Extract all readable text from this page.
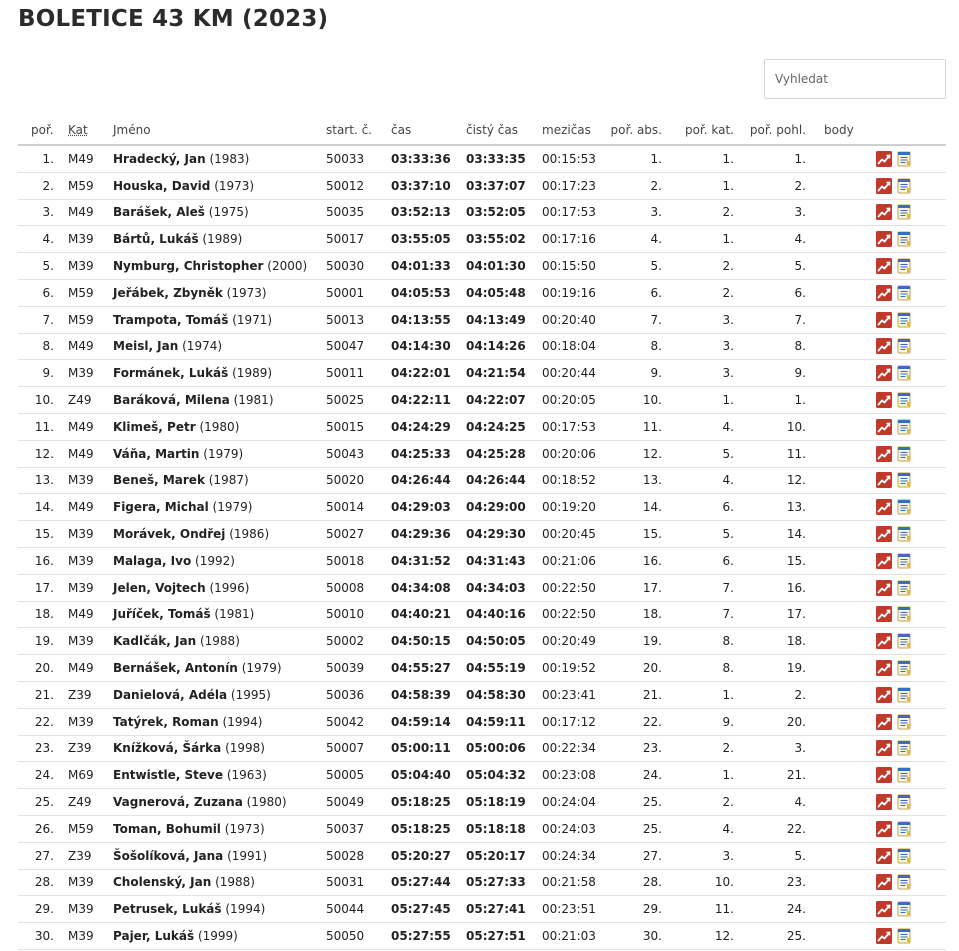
BOLETICE 43 KM (2023)
Vyhledat
poř.	Kat	Jméno	start. č.	čas	čistý čas	mezičas	poř. abs.	poř. kat.	poř. pohl.	body	
1.	M49	Hradecký, Jan (1983)	50033	03:33:36	03:33:35	00:15:53	1.	1.	1.		
2.	M59	Houska, David (1973)	50012	03:37:10	03:37:07	00:17:23	2.	1.	2.		
3.	M49	Barášek, Aleš (1975)	50035	03:52:13	03:52:05	00:17:53	3.	2.	3.		
4.	M39	Bártů, Lukáš (1989)	50017	03:55:05	03:55:02	00:17:16	4.	1.	4.		
5.	M39	Nymburg, Christopher (2000)	50030	04:01:33	04:01:30	00:15:50	5.	2.	5.		
6.	M59	Jeřábek, Zbyněk (1973)	50001	04:05:53	04:05:48	00:19:16	6.	2.	6.		
7.	M59	Trampota, Tomáš (1971)	50013	04:13:55	04:13:49	00:20:40	7.	3.	7.		
8.	M49	Meisl, Jan (1974)	50047	04:14:30	04:14:26	00:18:04	8.	3.	8.		
9.	M39	Formánek, Lukáš (1989)	50011	04:22:01	04:21:54	00:20:44	9.	3.	9.		
10.	Z49	Baráková, Milena (1981)	50025	04:22:11	04:22:07	00:20:05	10.	1.	1.		
11.	M49	Klimeš, Petr (1980)	50015	04:24:29	04:24:25	00:17:53	11.	4.	10.		
12.	M49	Váňa, Martin (1979)	50043	04:25:33	04:25:28	00:20:06	12.	5.	11.		
13.	M39	Beneš, Marek (1987)	50020	04:26:44	04:26:44	00:18:52	13.	4.	12.		
14.	M49	Figera, Michal (1979)	50014	04:29:03	04:29:00	00:19:20	14.	6.	13.		
15.	M39	Morávek, Ondřej (1986)	50027	04:29:36	04:29:30	00:20:45	15.	5.	14.		
16.	M39	Malaga, Ivo (1992)	50018	04:31:52	04:31:43	00:21:06	16.	6.	15.		
17.	M39	Jelen, Vojtech (1996)	50008	04:34:08	04:34:03	00:22:50	17.	7.	16.		
18.	M49	Juříček, Tomáš (1981)	50010	04:40:21	04:40:16	00:22:50	18.	7.	17.		
19.	M39	Kadlčák, Jan (1988)	50002	04:50:15	04:50:05	00:20:49	19.	8.	18.		
20.	M49	Bernášek, Antonín (1979)	50039	04:55:27	04:55:19	00:19:52	20.	8.	19.		
21.	Z39	Danielová, Adéla (1995)	50036	04:58:39	04:58:30	00:23:41	21.	1.	2.		
22.	M39	Tatýrek, Roman (1994)	50042	04:59:14	04:59:11	00:17:12	22.	9.	20.		
23.	Z39	Knížková, Šárka (1998)	50007	05:00:11	05:00:06	00:22:34	23.	2.	3.		
24.	M69	Entwistle, Steve (1963)	50005	05:04:40	05:04:32	00:23:08	24.	1.	21.		
25.	Z49	Vagnerová, Zuzana (1980)	50049	05:18:25	05:18:19	00:24:04	25.	2.	4.		
26.	M59	Toman, Bohumil (1973)	50037	05:18:25	05:18:18	00:24:03	25.	4.	22.		
27.	Z39	Šošolíková, Jana (1991)	50028	05:20:27	05:20:17	00:24:34	27.	3.	5.		
28.	M39	Cholenský, Jan (1988)	50031	05:27:44	05:27:33	00:21:58	28.	10.	23.		
29.	M39	Petrusek, Lukáš (1994)	50044	05:27:45	05:27:41	00:23:51	29.	11.	24.		
30.	M39	Pajer, Lukáš (1999)	50050	05:27:55	05:27:51	00:21:03	30.	12.	25.		
